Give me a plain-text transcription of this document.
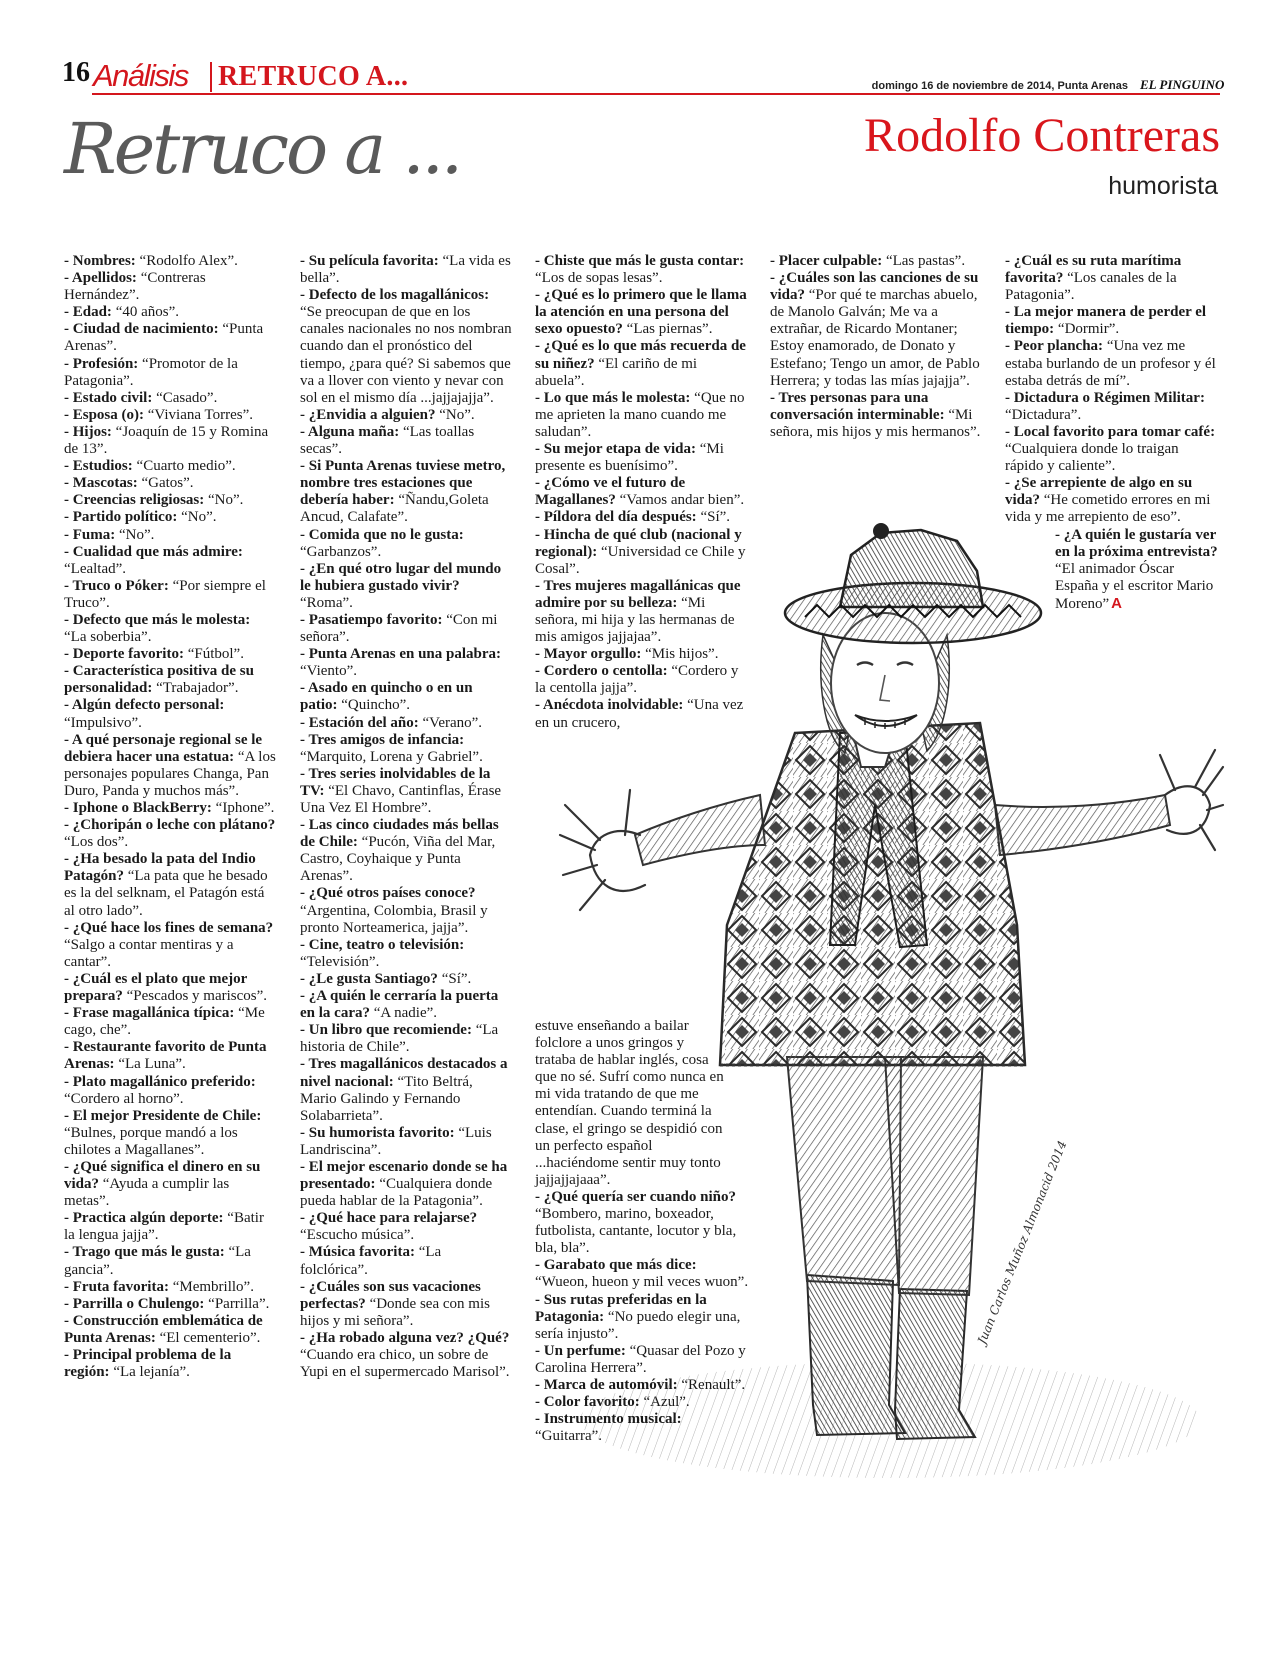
16 Análisis RETRUCO A...	domingo 16 de noviembre de 2014, Punta Arenas EL PINGUINO
Retruco a ...	Rodolfo Contreras
humorista
Juan Carlos Muñoz Almonacid 2014

- Nombres: “Rodolfo Alex”.

- Apellidos: “Contreras Hernández”.

- Edad: “40 años”.

- Ciudad de nacimiento: “Punta Arenas”.

- Profesión: “Promotor de la Patagonia”.

- Estado civil: “Casado”.

- Esposa (o): “Viviana Torres”.

- Hijos: “Joaquín de 15 y Romina de 13”.

- Estudios: “Cuarto medio”.

- Mascotas: “Gatos”.

- Creencias religiosas: “No”.

- Partido político: “No”.

- Fuma: “No”.

- Cualidad que más admire:“Lealtad”.

- Truco o Póker: “Por siempre el Truco”.

- Defecto que más le molesta:“La soberbia”.

- Deporte favorito: “Fútbol”.

- Característica positiva de su personalidad: “Trabajador”.

- Algún defecto personal:“Impulsivo”.

- A qué personaje regional se le debiera hacer una estatua: “A los personajes populares Changa, Pan Duro, Panda y muchos más”.

- Iphone o BlackBerry: “Iphone”.

- ¿Choripán o leche con plátano?“Los dos”.

- ¿Ha besado la pata del Indio Patagón? “La pata que he besado es la del selknam, el Patagón está al otro lado”.

- ¿Qué hace los fines de semana?“Salgo a contar mentiras y a cantar”.

- ¿Cuál es el plato que mejor prepara? “Pescados y mariscos”.

- Frase magallánica típica: “Me cago, che”.

- Restaurante favorito de Punta Arenas: “La Luna”.

- Plato magallánico preferido:“Cordero al horno”.

- El mejor Presidente de Chile:“Bulnes, porque mandó a los chilotes a Magallanes”.

- ¿Qué significa el dinero en su vida? “Ayuda a cumplir las metas”.

- Practica algún deporte: “Batir la lengua jajja”.

- Trago que más le gusta: “La gancia”.

- Fruta favorita: “Membrillo”.

- Parrilla o Chulengo: “Parrilla”.

- Construcción emblemática de Punta Arenas: “El cementerio”.

- Principal problema de la región: “La lejanía”.

- Su película favorita: “La vida es bella”.

- Defecto de los magallánicos:“Se preocupan de que en los canales nacionales no nos nombran cuando dan el pronóstico del tiempo, ¿para qué? Si sabemos que va a llover con viento y nevar con sol en el mismo día ...jajjajajja”.

- ¿Envidia a alguien? “No”.

- Alguna maña: “Las toallas secas”.

- Si Punta Arenas tuviese metro, nombre tres estaciones que debería haber: “Ñandu,Goleta Ancud, Calafate”.

- Comida que no le gusta:“Garbanzos”.

- ¿En qué otro lugar del mundo le hubiera gustado vivir?“Roma”.

- Pasatiempo favorito: “Con mi señora”.

- Punta Arenas en una palabra:“Viento”.

- Asado en quincho o en un patio: “Quincho”.

- Estación del año: “Verano”.

- Tres amigos de infancia:“Marquito, Lorena y Gabriel”.

- Tres series inolvidables de la TV: “El Chavo, Cantinflas, Érase Una Vez El Hombre”.

- Las cinco ciudades más bellas de Chile: “Pucón, Viña del Mar, Castro, Coyhaique y Punta Arenas”.

- ¿Qué otros países conoce?“Argentina, Colombia, Brasil y pronto Norteamerica, jajja”.

- Cine, teatro o televisión:“Televisión”.

- ¿Le gusta Santiago? “Sí”.

- ¿A quién le cerraría la puerta en la cara? “A nadie”.

- Un libro que recomiende: “La historia de Chile”.

- Tres magallánicos destacados a nivel nacional: “Tito Beltrá, Mario Galindo y Fernando Solabarrieta”.

- Su humorista favorito: “Luis Landriscina”.

- El mejor escenario donde se ha presentado: “Cualquiera donde pueda hablar de la Patagonia”.

- ¿Qué hace para relajarse?“Escucho música”.

- Música favorita: “La folclórica”.

- ¿Cuáles son sus vacaciones perfectas? “Donde sea con mis hijos y mi señora”.

- ¿Ha robado alguna vez? ¿Qué?“Cuando era chico, un sobre de Yupi en el supermercado Marisol”.

- Chiste que más le gusta contar:“Los de sopas lesas”.

- ¿Qué es lo primero que le llama la atención en una persona del sexo opuesto? “Las piernas”.

- ¿Qué es lo que más recuerda de su niñez? “El cariño de mi abuela”.

- Lo que más le molesta: “Que no me aprieten la mano cuando me saludan”.

- Su mejor etapa de vida: “Mi presente es buenísimo”.

- ¿Cómo ve el futuro de Magallanes? “Vamos andar bien”.

- Píldora del día después: “Sí”.

- Hincha de qué club (nacional y regional): “Universidad ce Chile y Cosal”.

- Tres mujeres magallánicas que admire por su belleza: “Mi señora, mi hija y las hermanas de mis amigos jajjajaa”.

- Mayor orgullo: “Mis hijos”.

- Cordero o centolla: “Cordero y la centolla jajja”.

- Anécdota inolvidable: “Una vez en un crucero,

estuve enseñando a bailar folclore a unos gringos y trataba de hablar inglés, cosa que no sé. Sufrí como nunca en mi vida tratando de que me entendían. Cuando terminá la clase, el gringo se despidió con un perfecto español ...haciéndome sentir muy tonto jajjajjajaaa”.

- ¿Qué quería ser cuando niño?“Bombero, marino, boxeador, futbolista, cantante, locutor y bla, bla, bla”.

- Garabato que más dice:“Wueon, hueon y mil veces wuon”.

- Sus rutas preferidas en la Patagonia: “No puedo elegir una, sería injusto”.

- Un perfume: “Quasar del Pozo y Carolina Herrera”.

- Marca de automóvil: “Renault”.

- Color favorito: “Azul”.

- Instrumento musical:“Guitarra”.

- Placer culpable: “Las pastas”.

- ¿Cuáles son las canciones de su vida? “Por qué te marchas abuelo, de Manolo Galván; Me va a extrañar, de Ricardo Montaner; Estoy enamorado, de Donato y Estefano; Tengo un amor, de Pablo Herrera; y todas las mías jajajja”.

- Tres personas para una conversación interminable: “Mi señora, mis hijos y mis hermanos”.

- ¿Cuál es su ruta marítima favorita? “Los canales de la Patagonia”.

- La mejor manera de perder el tiempo: “Dormir”.

- Peor plancha: “Una vez me estaba burlando de un profesor y él estaba detrás de mí”.

- Dictadura o Régimen Militar:“Dictadura”.

- Local favorito para tomar café:“Cualquiera donde lo traigan rápido y caliente”.

- ¿Se arrepiente de algo en su vida? “He cometido errores en mi vida y me arrepiento de eso”.

- ¿A quién le gustaría ver en la próxima entrevista?“El animador Óscar España y el escritor Mario Moreno” A
